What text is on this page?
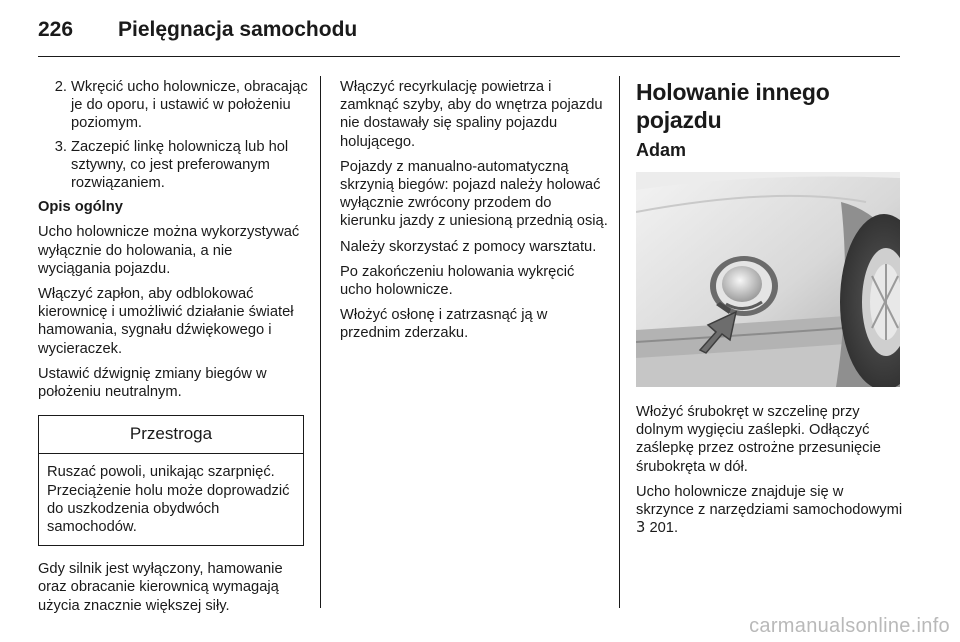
226	Pielęgnacja samochodu
2. Wkręcić ucho holownicze, obracając je do oporu, i ustawić w położeniu poziomym.
3. Zaczepić linkę holowniczą lub hol sztywny, co jest preferowanym rozwiązaniem.

Opis ogólny

Ucho holownicze można wykorzystywać wyłącznie do holowania, a nie wyciągania pojazdu.

Włączyć zapłon, aby odblokować kierownicę i umożliwić działanie świateł hamowania, sygnału dźwiękowego i wycieraczek.

Ustawić dźwignię zmiany biegów w położeniu neutralnym.

Przestroga
Ruszać powoli, unikając szarpnięć. Przeciążenie holu może doprowadzić do uszkodzenia obydwóch samochodów.

Gdy silnik jest wyłączony, hamowanie oraz obracanie kierownicą wymagają użycia znacznie większej siły.

Włączyć recyrkulację powietrza i zamknąć szyby, aby do wnętrza pojazdu nie dostawały się spaliny pojazdu holującego.

Pojazdy z manualno-automatyczną skrzynią biegów: pojazd należy holować wyłącznie zwrócony przodem do kierunku jazdy z uniesioną przednią osią.

Należy skorzystać z pomocy warsztatu.

Po zakończeniu holowania wykręcić ucho holownicze.

Włożyć osłonę i zatrzasnąć ją w przednim zderzaku.

Holowanie innego pojazdu
Adam

Włożyć śrubokręt w szczelinę przy dolnym wygięciu zaślepki. Odłączyć zaślepkę przez ostrożne przesunięcie śrubokręta w dół.

Ucho holownicze znajduje się w skrzynce z narzędziami samochodowymi 3 201.

carmanualsonline.info
